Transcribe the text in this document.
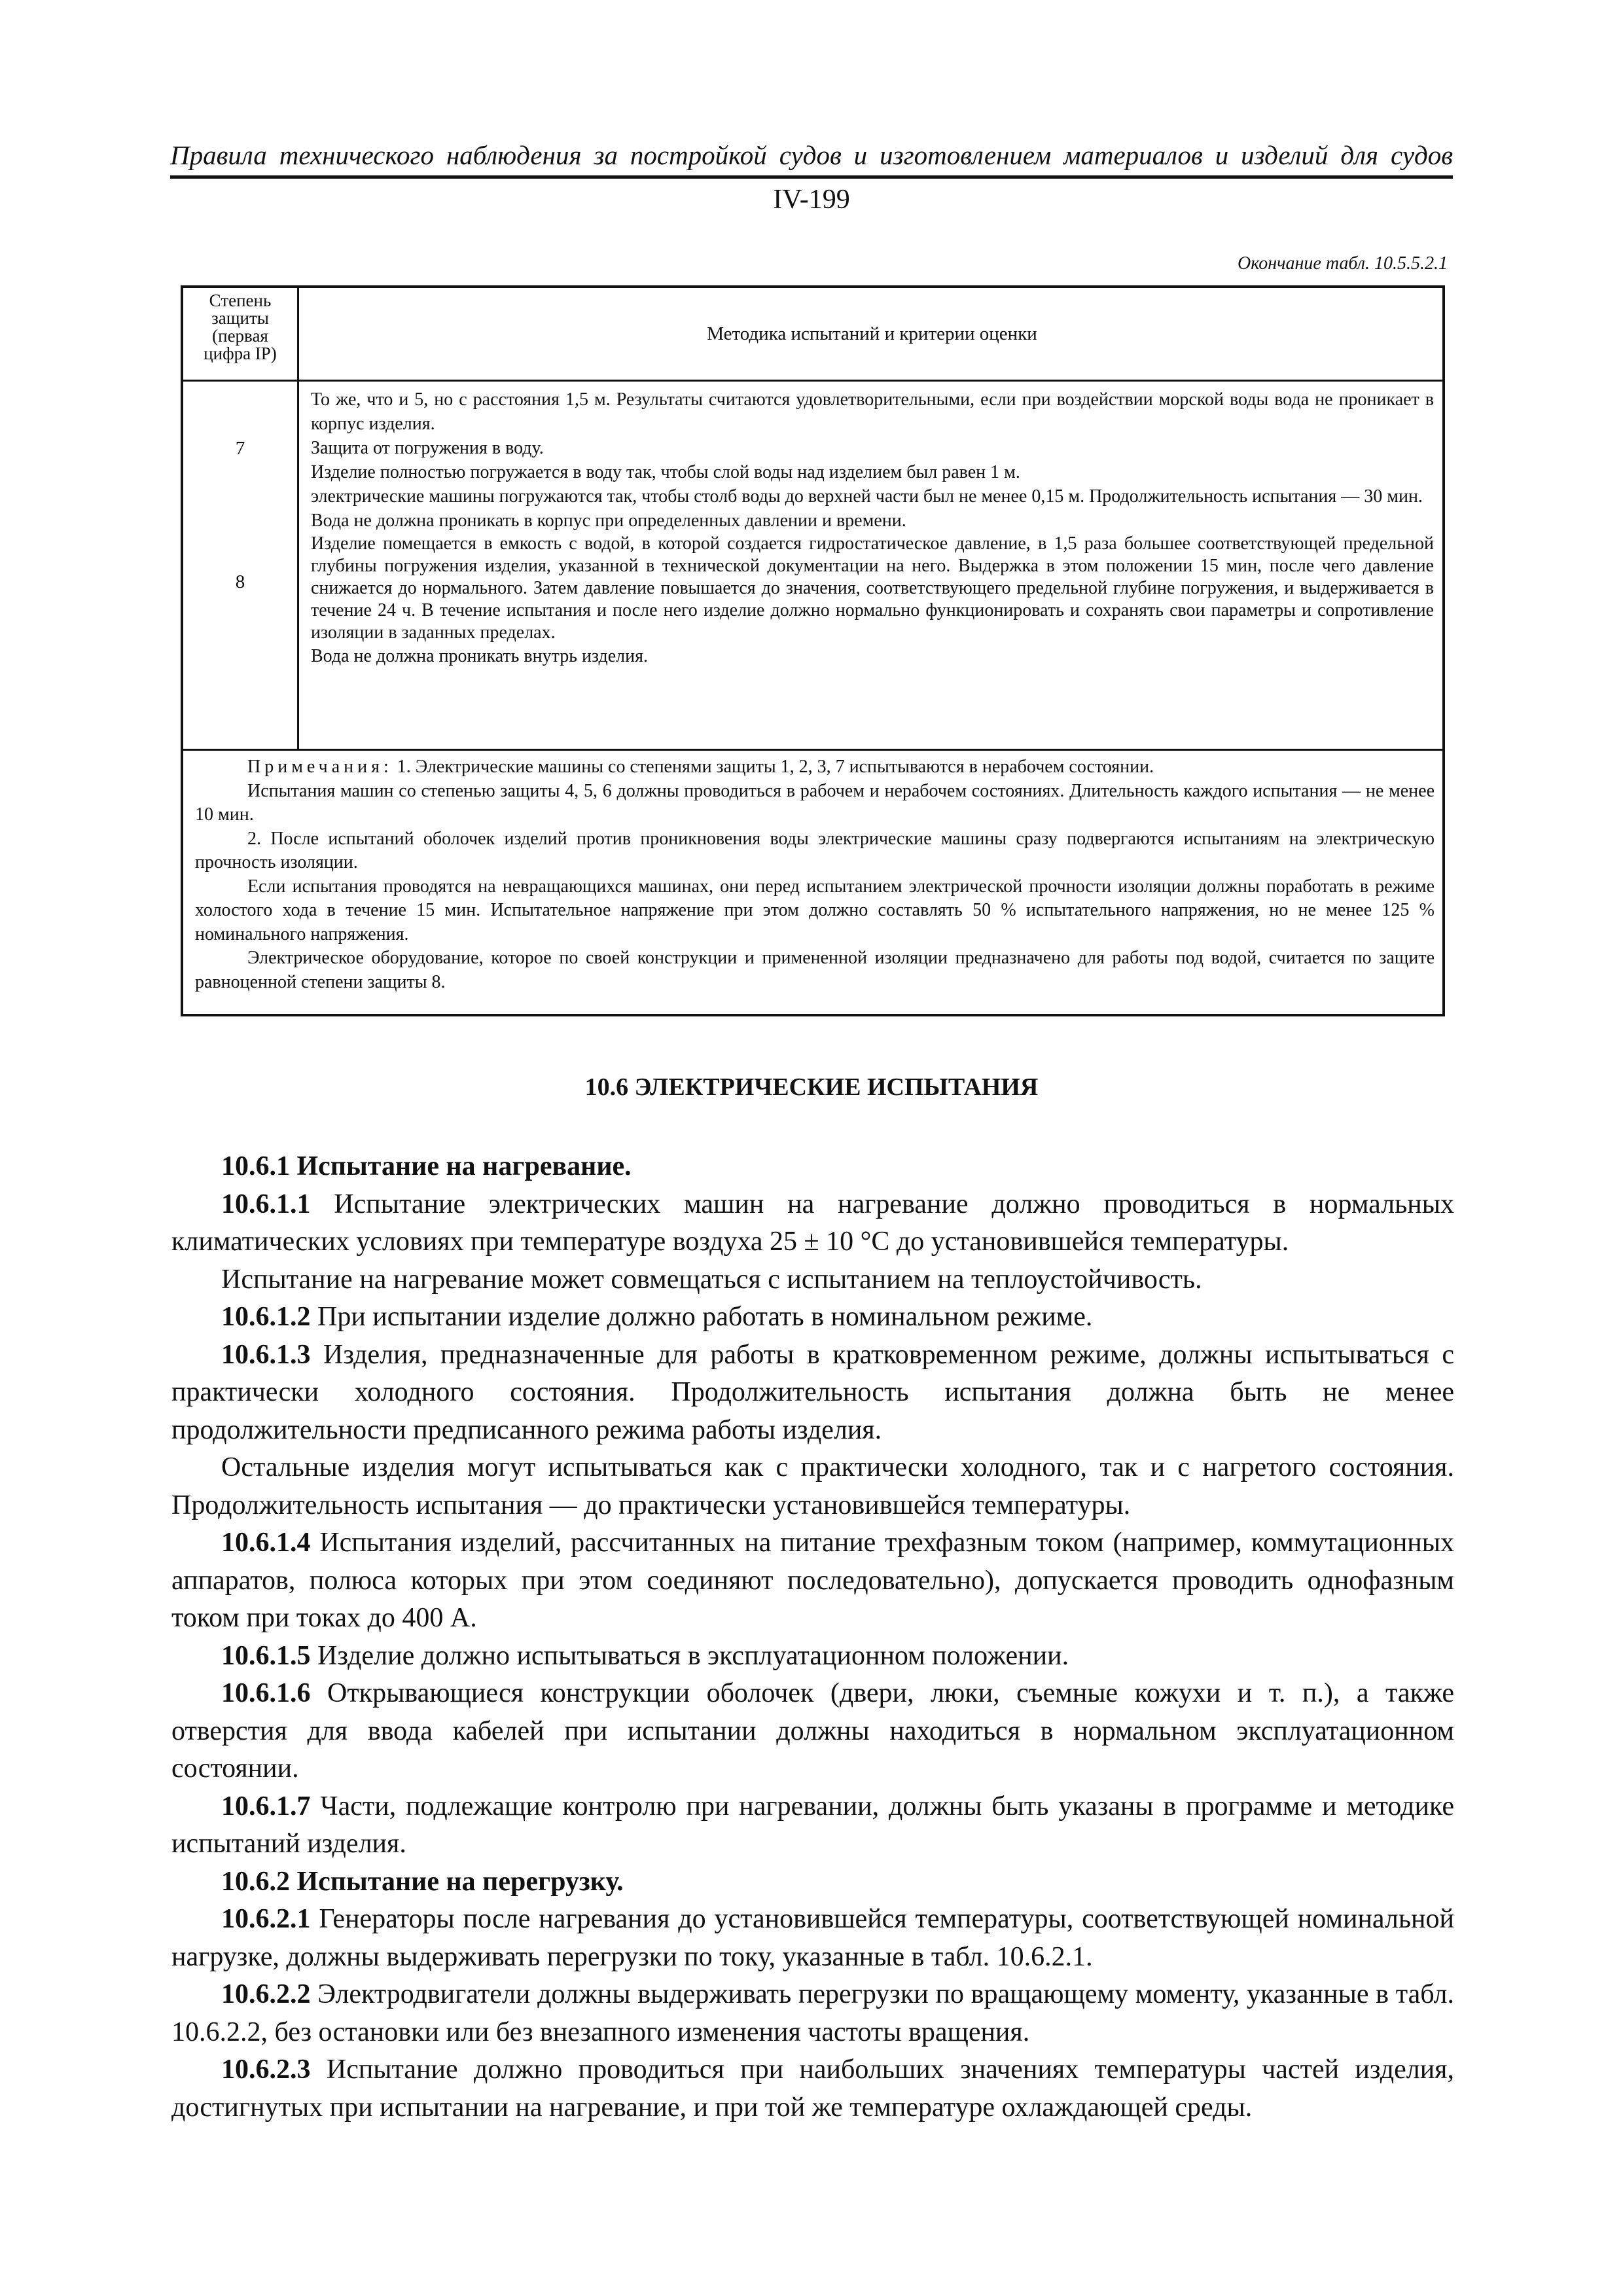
Правила технического наблюдения за постройкой судов и изготовлением материалов и изделий для судов
IV-199
Окончание табл. 10.5.5.2.1
Степень
защиты
(первая
цифра IP)
Методика испытаний и критерии оценки
7
8

То же, что и 5, но с расстояния 1,5 м. Результаты считаются удовлетворительными, если при воздействии морской воды вода не проникает в корпус изделия.

Защита от погружения в воду.

Изделие полностью погружается в воду так, чтобы слой воды над изделием был равен 1 м.

электрические машины погружаются так, чтобы столб воды до верхней части был не менее 0,15 м. Продолжительность испытания — 30 мин.

Вода не должна проникать в корпус при определенных давлении и времени.

Изделие помещается в емкость с водой, в которой создается гидростатическое давление, в 1,5 раза большее соответствующей предельной глубины погружения изделия, указанной в технической документации на него. Выдержка в этом положении 15 мин, после чего давление снижается до нормального. Затем давление повышается до значения, соответствующего предельной глубине погружения, и выдерживается в течение 24 ч. В течение испытания и после него изделие должно нормально функционировать и сохранять свои параметры и сопротивление изоляции в заданных пределах.

Вода не должна проникать внутрь изделия.

Примечания: 1. Электрические машины со степенями защиты 1, 2, 3, 7 испытываются в нерабочем состоянии.

Испытания машин со степенью защиты 4, 5, 6 должны проводиться в рабочем и нерабочем состояниях. Длительность каждого испытания — не менее 10 мин.

2. После испытаний оболочек изделий против проникновения воды электрические машины сразу подвергаются испытаниям на электрическую прочность изоляции.

Если испытания проводятся на невращающихся машинах, они перед испытанием электрической прочности изоляции должны поработать в режиме холостого хода в течение 15 мин. Испытательное напряжение при этом должно составлять 50 % испытательного напряжения, но не менее 125 % номинального напряжения.

Электрическое оборудование, которое по своей конструкции и примененной изоляции предназначено для работы под водой, считается по защите равноценной степени защиты 8.

10.6 ЭЛЕКТРИЧЕСКИЕ ИСПЫТАНИЯ

10.6.1 Испытание на нагревание.

10.6.1.1 Испытание электрических машин на нагревание должно проводиться в нормальных климатических условиях при температуре воздуха 25 ± 10 °С до установившейся температуры.

Испытание на нагревание может совмещаться с испытанием на теплоустойчивость.

10.6.1.2 При испытании изделие должно работать в номинальном режиме.

10.6.1.3 Изделия, предназначенные для работы в кратковременном режиме, должны испытываться с практически холодного состояния. Продолжительность испытания должна быть не менее продолжительности предписанного режима работы изделия.

Остальные изделия могут испытываться как с практически холодного, так и с нагретого состояния. Продолжительность испытания — до практически установившейся температуры.

10.6.1.4 Испытания изделий, рассчитанных на питание трехфазным током (например, коммутационных аппаратов, полюса которых при этом соединяют последовательно), допускается проводить однофазным током при токах до 400 А.

10.6.1.5 Изделие должно испытываться в эксплуатационном положении.

10.6.1.6 Открывающиеся конструкции оболочек (двери, люки, съемные кожухи и т. п.), а также отверстия для ввода кабелей при испытании должны находиться в нормальном эксплуатационном состоянии.

10.6.1.7 Части, подлежащие контролю при нагревании, должны быть указаны в программе и методике испытаний изделия.

10.6.2 Испытание на перегрузку.

10.6.2.1 Генераторы после нагревания до установившейся температуры, соответствующей номинальной нагрузке, должны выдерживать перегрузки по току, указанные в табл. 10.6.2.1.

10.6.2.2 Электродвигатели должны выдерживать перегрузки по вращающему моменту, указанные в табл. 10.6.2.2, без остановки или без внезапного изменения частоты вращения.

10.6.2.3 Испытание должно проводиться при наибольших значениях температуры частей изделия, достигнутых при испытании на нагревание, и при той же температуре охлаждающей среды.
